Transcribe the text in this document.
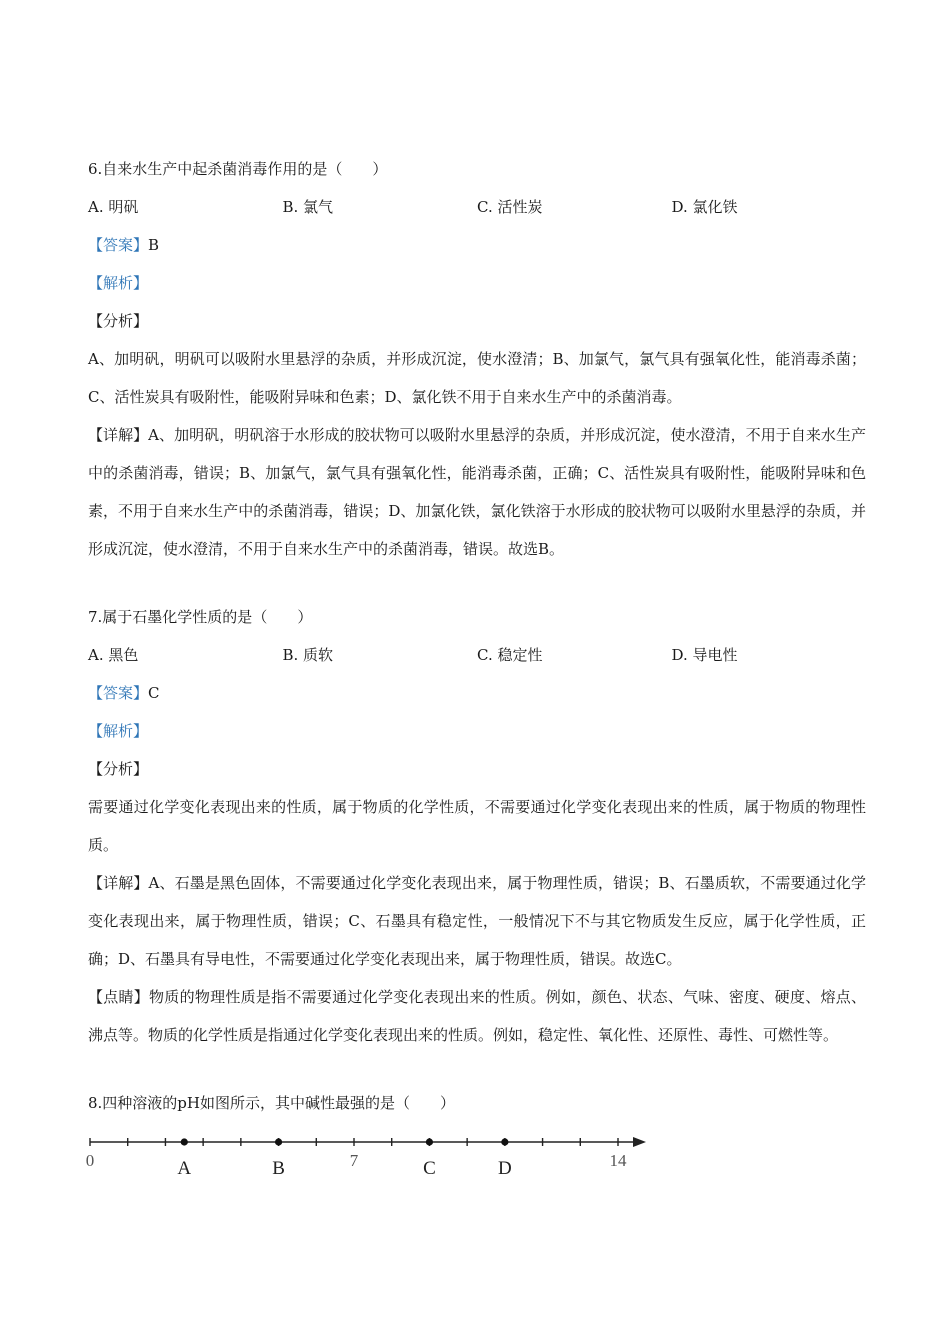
6.自来水生产中起杀菌消毒作用的是（　　）

A. 明矾	B. 氯气	C. 活性炭	D. 氯化铁
【答案】B
【解析】
【分析】

A、加明矾，明矾可以吸附水里悬浮的杂质，并形成沉淀，使水澄清；B、加氯气，氯气具有强氧化性，能消毒杀菌；C、活性炭具有吸附性，能吸附异味和色素；D、氯化铁不用于自来水生产中的杀菌消毒。

【详解】A、加明矾，明矾溶于水形成的胶状物可以吸附水里悬浮的杂质，并形成沉淀，使水澄清，不用于自来水生产中的杀菌消毒，错误；B、加氯气，氯气具有强氧化性，能消毒杀菌，正确；C、活性炭具有吸附性，能吸附异味和色素，不用于自来水生产中的杀菌消毒，错误；D、加氯化铁，氯化铁溶于水形成的胶状物可以吸附水里悬浮的杂质，并形成沉淀，使水澄清，不用于自来水生产中的杀菌消毒，错误。故选B。

7.属于石墨化学性质的是（　　）

A. 黑色	B. 质软	C. 稳定性	D. 导电性
【答案】C
【解析】
【分析】

需要通过化学变化表现出来的性质，属于物质的化学性质，不需要通过化学变化表现出来的性质，属于物质的物理性质。

【详解】A、石墨是黑色固体，不需要通过化学变化表现出来，属于物理性质，错误；B、石墨质软，不需要通过化学变化表现出来，属于物理性质，错误；C、石墨具有稳定性，一般情况下不与其它物质发生反应，属于化学性质，正确；D、石墨具有导电性，不需要通过化学变化表现出来，属于物理性质，错误。故选C。

【点睛】物质的物理性质是指不需要通过化学变化表现出来的性质。例如，颜色、状态、气味、密度、硬度、熔点、沸点等。物质的化学性质是指通过化学变化表现出来的性质。例如，稳定性、氧化性、还原性、毒性、可燃性等。

8.四种溶液的pH如图所示，其中碱性最强的是（　　）

0	7	14
A	B	C	D
